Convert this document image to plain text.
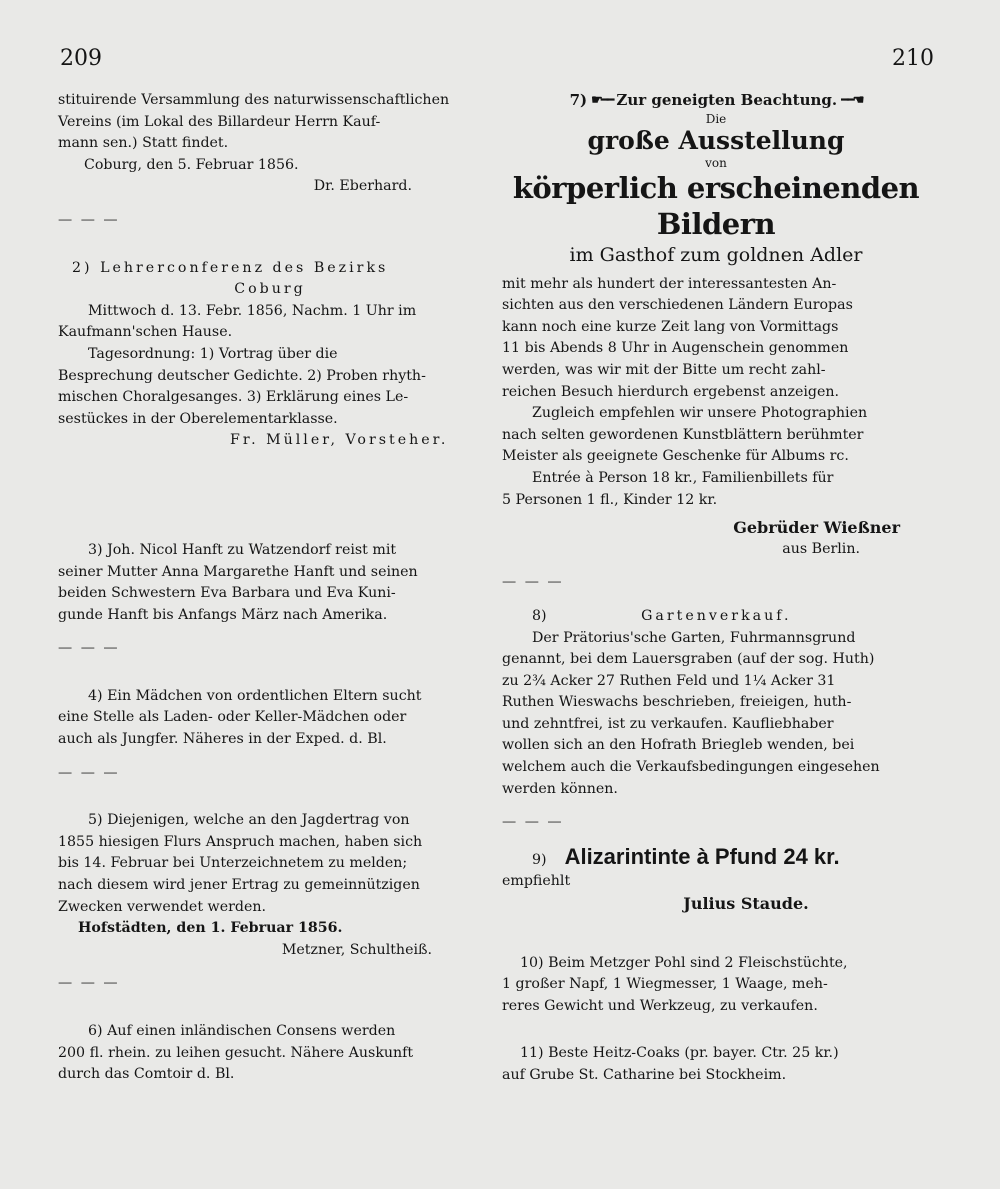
209	210

stituirende Versammlung des naturwissenschaftlichen

Vereins (im Lokal des Billardeur Herrn Kauf-

mann sen.) Statt findet.

Coburg, den 5. Februar 1856.

Dr. Eberhard.

— — —

2) Lehrerconferenz des Bezirks

Coburg

Mittwoch d. 13. Febr. 1856, Nachm. 1 Uhr im

Kaufmann'schen Hause.

Tagesordnung: 1) Vortrag über die

Besprechung deutscher Gedichte. 2) Proben rhyth-

mischen Choralgesanges. 3) Erklärung eines Le-

sestückes in der Oberelementarklasse.

Fr. Müller, Vorsteher.

3) Joh. Nicol Hanft zu Watzendorf reist mit

seiner Mutter Anna Margarethe Hanft und seinen

beiden Schwestern Eva Barbara und Eva Kuni-

gunde Hanft bis Anfangs März nach Amerika.

— — —

4) Ein Mädchen von ordentlichen Eltern sucht

eine Stelle als Laden- oder Keller-Mädchen oder

auch als Jungfer. Näheres in der Exped. d. Bl.

— — —

5) Diejenigen, welche an den Jagdertrag von

1855 hiesigen Flurs Anspruch machen, haben sich

bis 14. Februar bei Unterzeichnetem zu melden;

nach diesem wird jener Ertrag zu gemeinnützigen

Zwecken verwendet werden.

Hofstädten, den 1. Februar 1856.

Metzner, Schultheiß.

— — —

6) Auf einen inländischen Consens werden

200 fl. rhein. zu leihen gesucht. Nähere Auskunft

durch das Comtoir d. Bl.

7) ☛━━ Zur geneigten Beachtung. ━━☚

Die

große Ausstellung

von

körperlich erscheinenden Bildern

im Gasthof zum goldnen Adler

mit mehr als hundert der interessantesten An-

sichten aus den verschiedenen Ländern Europas

kann noch eine kurze Zeit lang von Vormittags

11 bis Abends 8 Uhr in Augenschein genommen

werden, was wir mit der Bitte um recht zahl-

reichen Besuch hierdurch ergebenst anzeigen.

Zugleich empfehlen wir unsere Photographien

nach selten gewordenen Kunstblättern berühmter

Meister als geeignete Geschenke für Albums rc.

Entrée à Person 18 kr., Familienbillets für

5 Personen 1 fl., Kinder 12 kr.

Gebrüder Wießner

aus Berlin.

— — —

8)	Gartenverkauf.

Der Prätorius'sche Garten, Fuhrmannsgrund

genannt, bei dem Lauersgraben (auf der sog. Huth)

zu 2¾ Acker 27 Ruthen Feld und 1¼ Acker 31

Ruthen Wieswachs beschrieben, freieigen, huth-

und zehntfrei, ist zu verkaufen. Kaufliebhaber

wollen sich an den Hofrath Briegleb wenden, bei

welchem auch die Verkaufsbedingungen eingesehen

werden können.

— — —

9) Alizarintinte à Pfund 24 kr.

empfiehlt

Julius Staude.

10) Beim Metzger Pohl sind 2 Fleischstüchte,

1 großer Napf, 1 Wiegmesser, 1 Waage, meh-

reres Gewicht und Werkzeug, zu verkaufen.

11) Beste Heitz-Coaks (pr. bayer. Ctr. 25 kr.)

auf Grube St. Catharine bei Stockheim.
